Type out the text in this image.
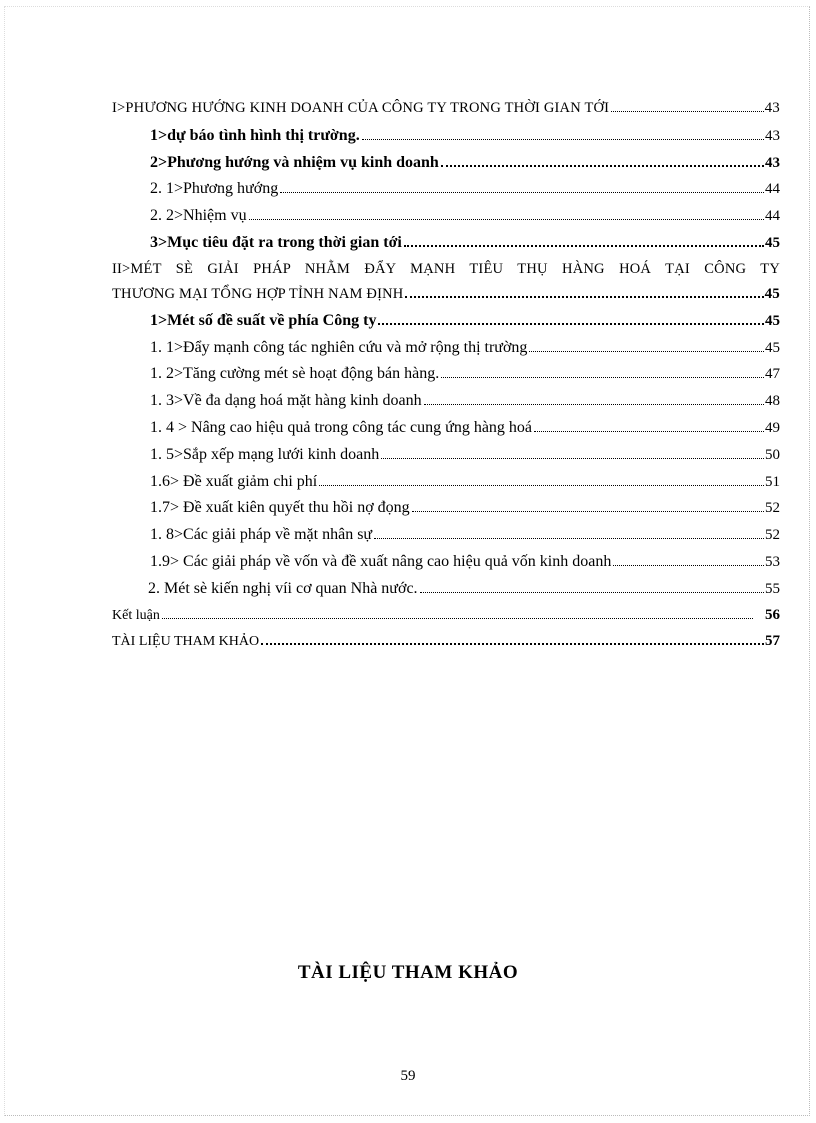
I>PHƯƠNG HƯỚNG KINH DOANH CỦA CÔNG TY TRONG THỜI GIAN TỚI	43
1>dự báo tình hình thị trường.	43
2>Phương hướng và nhiệm vụ kinh doanh	43
2. 1>Phương hướng	44
2. 2>Nhiệm vụ	44
3>Mục tiêu đặt ra trong thời gian tới	45
II>MÉT SÈ GIẢI PHÁP NHẰM ĐẨY MẠNH TIÊU THỤ HÀNG HOÁ TẠI CÔNG TY
THƯƠNG MẠI TỔNG HỢP TỈNH NAM ĐỊNH	45
1>Mét số đề suất về phía Công ty	45
1. 1>Đẩy mạnh công tác nghiên cứu và mở rộng thị trường	45
1. 2>Tăng cường mét sè hoạt động bán hàng.	47
1. 3>Về đa dạng hoá mặt hàng kinh doanh	48
1. 4 > Nâng cao hiệu quả trong công tác cung ứng hàng hoá	49
1. 5>Sắp xếp mạng lưới kinh doanh	50
1.6> Đề xuất giảm chi phí	51
1.7> Đề xuất kiên quyết thu hồi nợ đọng	52
1. 8>Các giải pháp về mặt nhân sự	52
1.9> Các giải pháp về vốn và đề xuất nâng cao hiệu quả vốn kinh doanh	53
2. Mét sè kiến nghị víi cơ quan Nhà nước.	55
Kết luận	56
TÀI LIỆU THAM KHẢO	57
TÀI LIỆU THAM KHẢO
59
